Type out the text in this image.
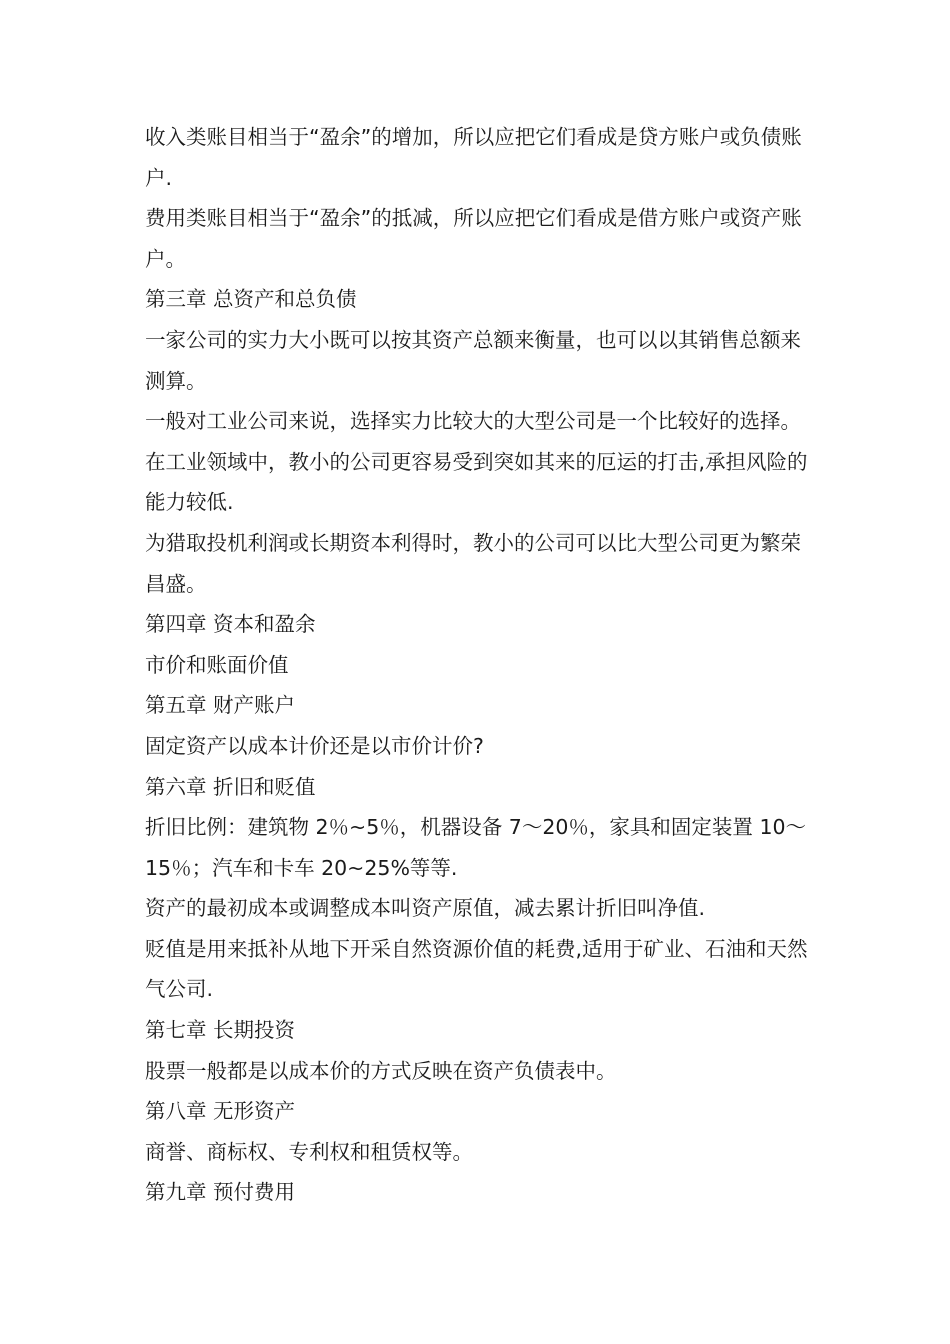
收入类账目相当于“盈余”的增加，所以应把它们看成是贷方账户或负债账户.

费用类账目相当于“盈余”的抵减，所以应把它们看成是借方账户或资产账户。

第三章 总资产和总负债

一家公司的实力大小既可以按其资产总额来衡量，也可以以其销售总额来测算。

一般对工业公司来说，选择实力比较大的大型公司是一个比较好的选择。在工业领域中，教小的公司更容易受到突如其来的厄运的打击,承担风险的能力较低.

为猎取投机利润或长期资本利得时，教小的公司可以比大型公司更为繁荣昌盛。

第四章 资本和盈余

市价和账面价值

第五章 财产账户

固定资产以成本计价还是以市价计价?

第六章 折旧和贬值

折旧比例：建筑物 2％~5％，机器设备 7～20％，家具和固定装置 10～15％；汽车和卡车 20~25%等等.

资产的最初成本或调整成本叫资产原值，减去累计折旧叫净值.

贬值是用来抵补从地下开采自然资源价值的耗费,适用于矿业、石油和天然气公司.

第七章 长期投资

股票一般都是以成本价的方式反映在资产负债表中。

第八章 无形资产

商誉、商标权、专利权和租赁权等。

第九章 预付费用
